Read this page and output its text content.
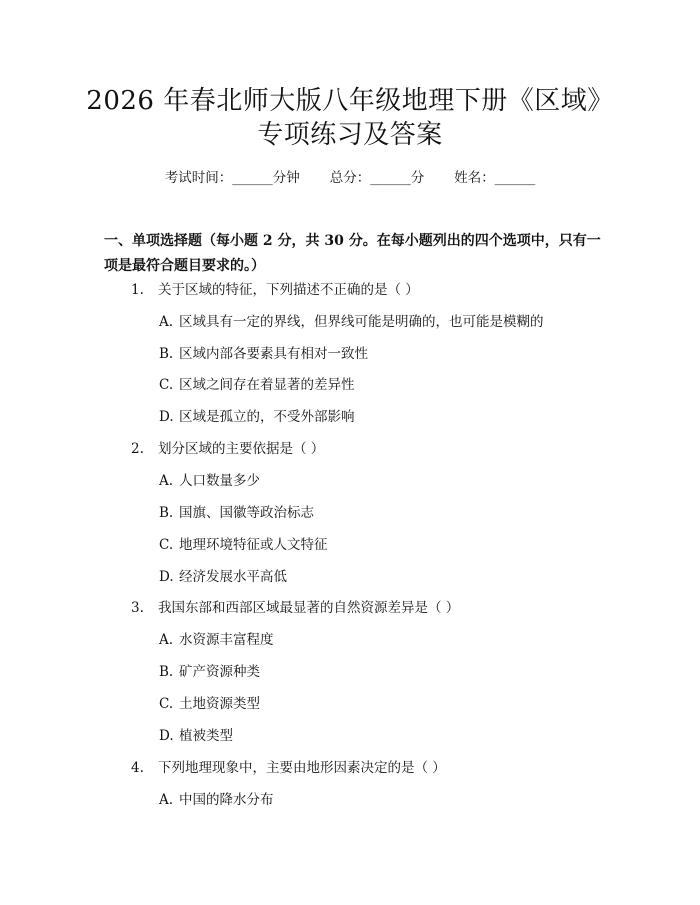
2026 年春北师大版八年级地理下册《区域》
专项练习及答案
考试时间：______分钟 总分：______分 姓名：______
一、单项选择题（每小题 2 分，共 30 分。在每小题列出的四个选项中，只有一项是最符合题目要求的。）
1. 关于区域的特征，下列描述不正确的是（ ）
A. 区域具有一定的界线，但界线可能是明确的，也可能是模糊的
B. 区域内部各要素具有相对一致性
C. 区域之间存在着显著的差异性
D. 区域是孤立的，不受外部影响
2. 划分区域的主要依据是（ ）
A. 人口数量多少
B. 国旗、国徽等政治标志
C. 地理环境特征或人文特征
D. 经济发展水平高低
3. 我国东部和西部区域最显著的自然资源差异是（ ）
A. 水资源丰富程度
B. 矿产资源种类
C. 土地资源类型
D. 植被类型
4. 下列地理现象中，主要由地形因素决定的是（ ）
A. 中国的降水分布
